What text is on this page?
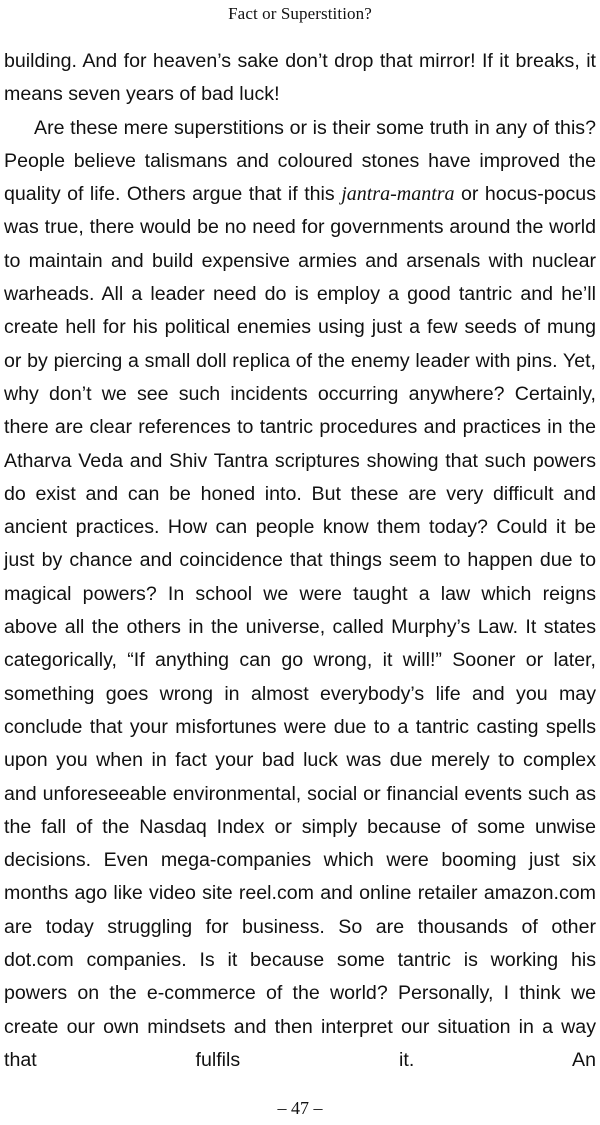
Fact or Superstition?

building. And for heaven’s sake don’t drop that mirror! If it breaks, it means seven years of bad luck!

Are these mere superstitions or is their some truth in any of this? People believe talismans and coloured stones have improved the quality of life. Others argue that if this jantra-mantra or hocus-pocus was true, there would be no need for governments around the world to maintain and build expensive armies and arsenals with nuclear warheads. All a leader need do is employ a good tantric and he’ll create hell for his political enemies using just a few seeds of mung or by piercing a small doll replica of the enemy leader with pins. Yet, why don’t we see such incidents occurring anywhere? Certainly, there are clear references to tantric procedures and practices in the Atharva Veda and Shiv Tantra scriptures showing that such powers do exist and can be honed into. But these are very difficult and ancient practices. How can people know them today? Could it be just by chance and coincidence that things seem to happen due to magical powers? In school we were taught a law which reigns above all the others in the universe, called Murphy’s Law. It states categorically, “If anything can go wrong, it will!” Sooner or later, something goes wrong in almost everybody’s life and you may conclude that your misfortunes were due to a tantric casting spells upon you when in fact your bad luck was due merely to complex and unforeseeable environmental, social or financial events such as the fall of the Nasdaq Index or simply because of some unwise decisions. Even mega-companies which were booming just six months ago like video site reel.com and online retailer amazon.com are today struggling for business. So are thousands of other dot.com companies. Is it because some tantric is working his powers on the e-commerce of the world? Personally, I think we create our own mindsets and then interpret our situation in a way that fulfils it. An

– 47 –
